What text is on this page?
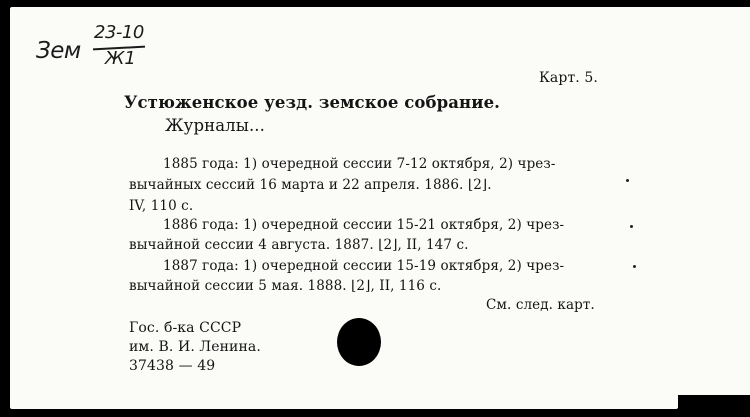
Зем
23-10
Ж1
Карт. 5.
Устюженское уезд. земское собрание.
Журналы...
1885 года: 1) очередной сессии 7-12 октября, 2) чрез-
вычайных сессий 16 марта и 22 апреля. 1886. ⌊2⌋.
IV, 110 с.
1886 года: 1) очередной сессии 15-21 октября, 2) чрез-
вычайной сессии 4 августа. 1887. ⌊2⌋, II, 147 с.
1887 года: 1) очередной сессии 15-19 октября, 2) чрез-
вычайной сессии 5 мая. 1888. ⌊2⌋, II, 116 с.
См. след. карт.
Гос. б-ка СССР
им. В. И. Ленина.
37438 — 49
